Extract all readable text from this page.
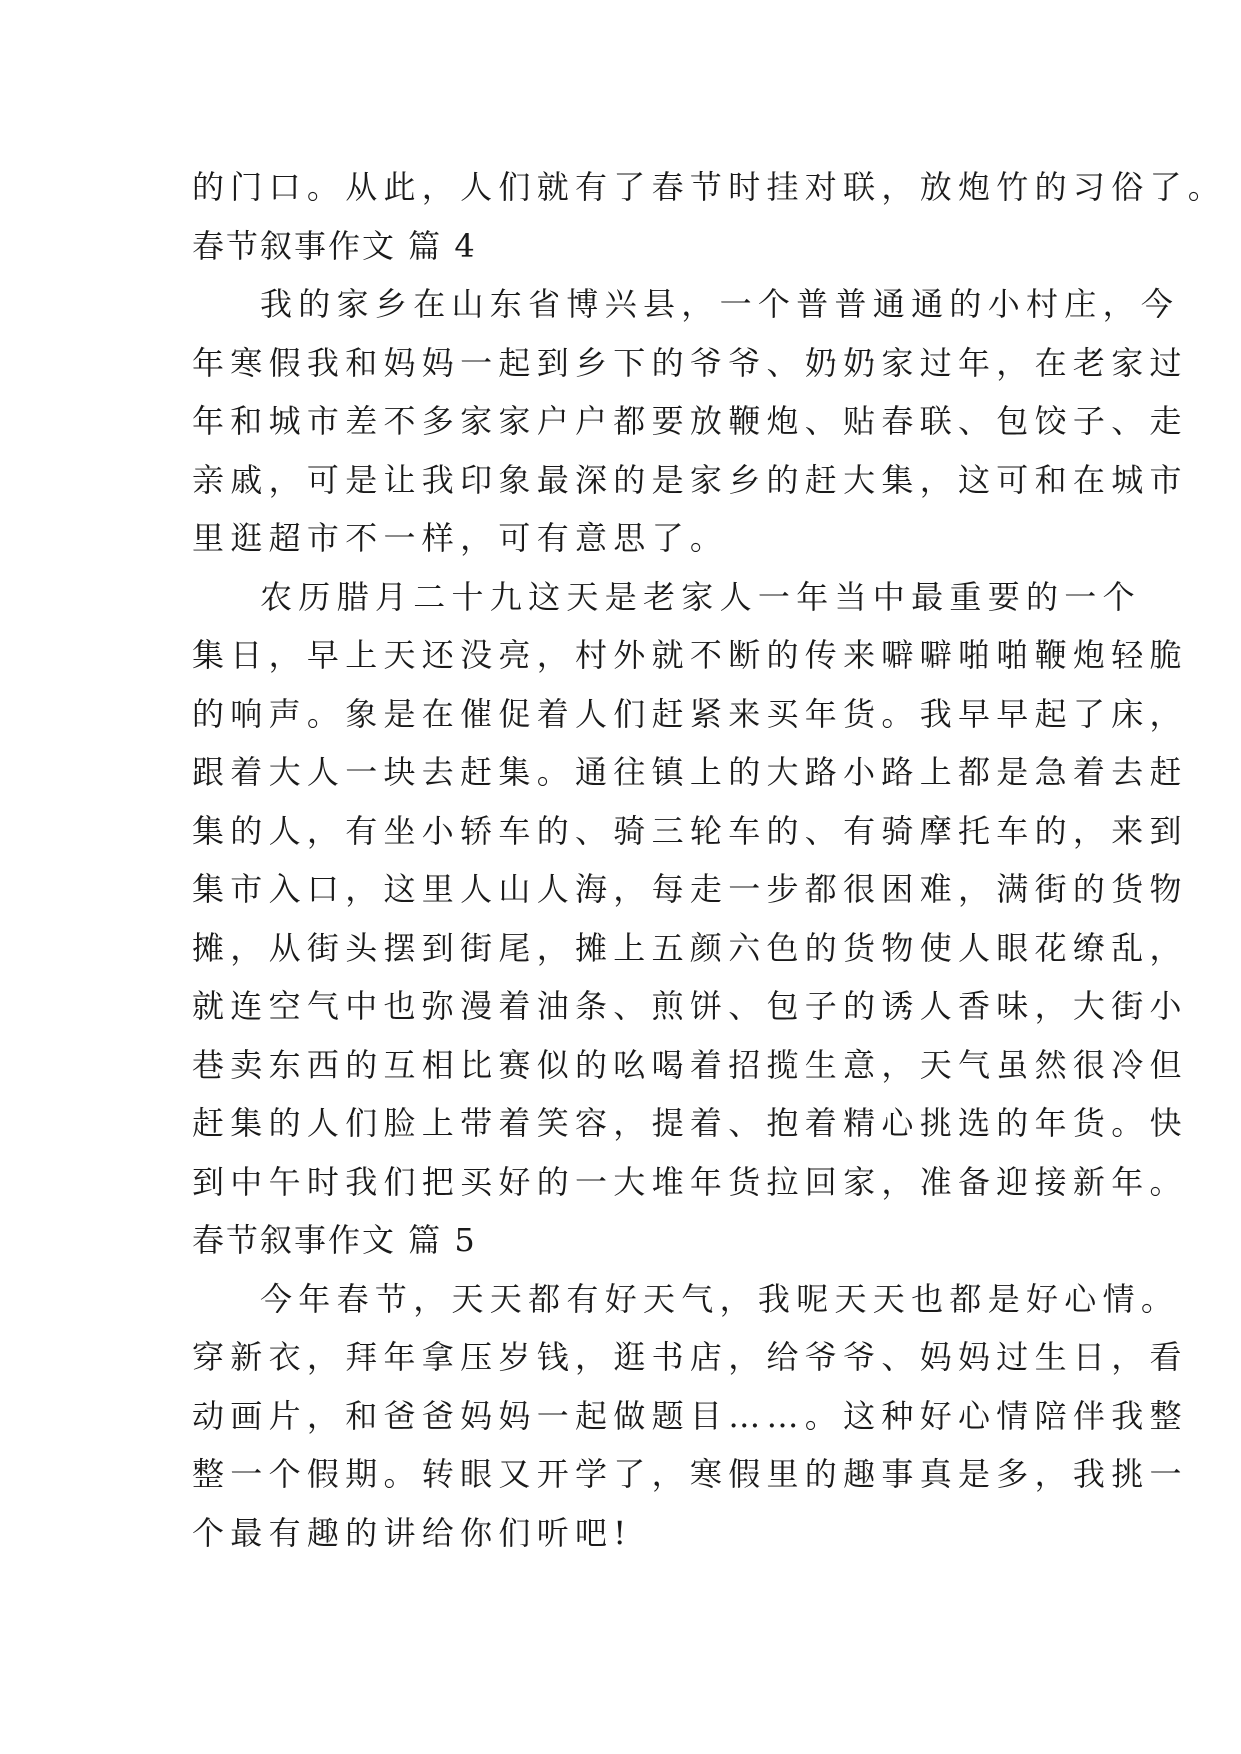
的门口。从此，人们就有了春节时挂对联，放炮竹的习俗了。
春节叙事作文 篇 4
我的家乡在山东省博兴县，一个普普通通的小村庄，今
年寒假我和妈妈一起到乡下的爷爷、奶奶家过年，在老家过
年和城市差不多家家户户都要放鞭炮、贴春联、包饺子、走
亲戚，可是让我印象最深的是家乡的赶大集，这可和在城市
里逛超市不一样，可有意思了。
农历腊月二十九这天是老家人一年当中最重要的一个
集日，早上天还没亮，村外就不断的传来噼噼啪啪鞭炮轻脆
的响声。象是在催促着人们赶紧来买年货。我早早起了床，
跟着大人一块去赶集。通往镇上的大路小路上都是急着去赶
集的人，有坐小轿车的、骑三轮车的、有骑摩托车的，来到
集市入口，这里人山人海，每走一步都很困难，满街的货物
摊，从街头摆到街尾，摊上五颜六色的货物使人眼花缭乱，
就连空气中也弥漫着油条、煎饼、包子的诱人香味，大街小
巷卖东西的互相比赛似的吆喝着招揽生意，天气虽然很冷但
赶集的人们脸上带着笑容，提着、抱着精心挑选的年货。快
到中午时我们把买好的一大堆年货拉回家，准备迎接新年。
春节叙事作文 篇 5
今年春节，天天都有好天气，我呢天天也都是好心情。
穿新衣，拜年拿压岁钱，逛书店，给爷爷、妈妈过生日，看
动画片，和爸爸妈妈一起做题目……。这种好心情陪伴我整
整一个假期。转眼又开学了，寒假里的趣事真是多，我挑一
个最有趣的讲给你们听吧!
